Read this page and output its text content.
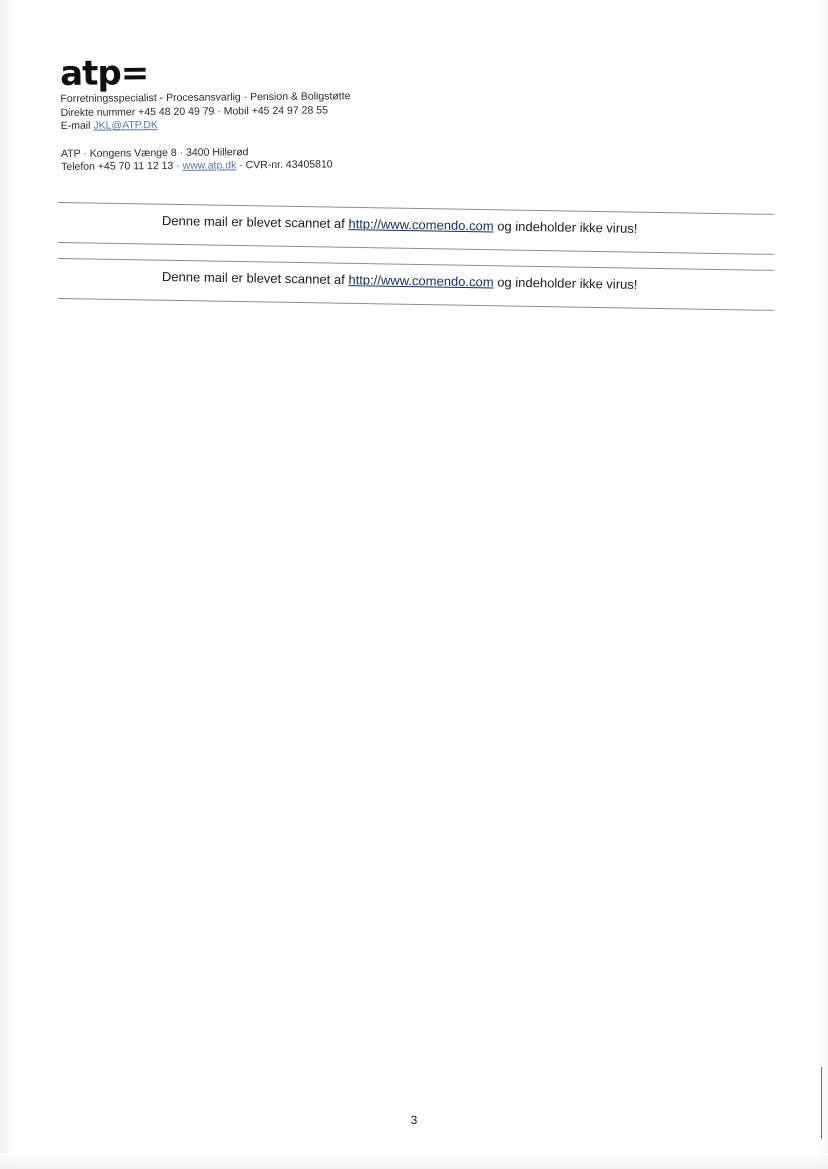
atp=
Forretningsspecialist - Procesansvarlig · Pension & Boligstøtte
Direkte nummer +45 48 20 49 79 · Mobil +45 24 97 28 55
E-mail JKL@ATP.DK
ATP · Kongens Vænge 8 · 3400 Hillerød
Telefon +45 70 11 12 13 · www.atp.dk · CVR-nr. 43405810
Denne mail er blevet scannet af http://www.comendo.com og indeholder ikke virus!
Denne mail er blevet scannet af http://www.comendo.com og indeholder ikke virus!
3
